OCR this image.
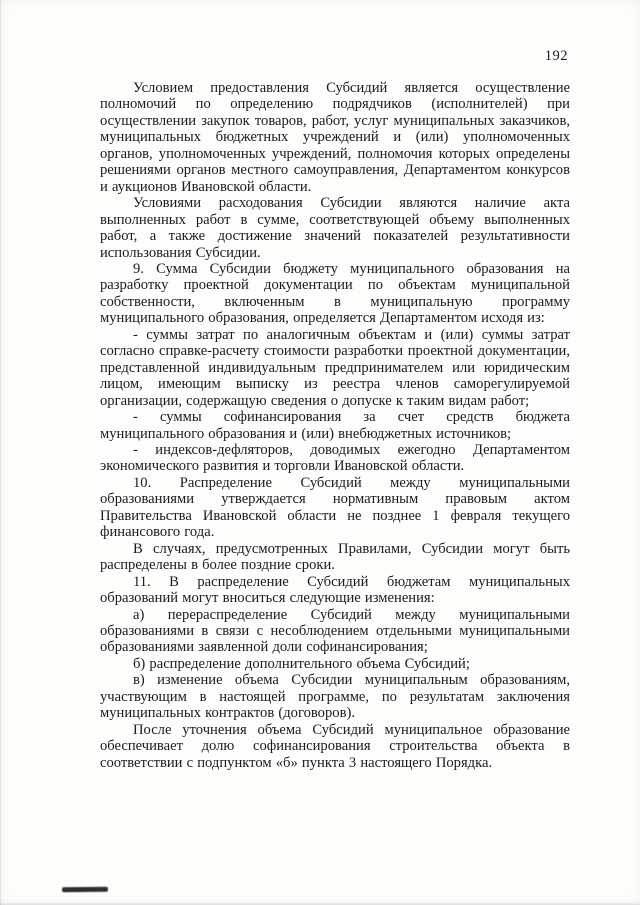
192

Условием предоставления Субсидий является осуществление полномочий по определению подрядчиков (исполнителей) при осуществлении закупок товаров, работ, услуг муниципальных заказчиков, муниципальных бюджетных учреждений и (или) уполномоченных органов, уполномоченных учреждений, полномочия которых определены решениями органов местного самоуправления, Департаментом конкурсов и аукционов Ивановской области.

Условиями расходования Субсидии являются наличие акта выполненных работ в сумме, соответствующей объему выполненных работ, а также достижение значений показателей результативности использования Субсидии.

9. Сумма Субсидии бюджету муниципального образования на разработку проектной документации по объектам муниципальной собственности, включенным в муниципальную программу муниципального образования, определяется Департаментом исходя из:

- суммы затрат по аналогичным объектам и (или) суммы затрат согласно справке-расчету стоимости разработки проектной документации, представленной индивидуальным предпринимателем или юридическим лицом, имеющим выписку из реестра членов саморегулируемой организации, содержащую сведения о допуске к таким видам работ;

- суммы софинансирования за счет средств бюджета муниципального образования и (или) внебюджетных источников;

- индексов-дефляторов, доводимых ежегодно Департаментом экономического развития и торговли Ивановской области.

10. Распределение Субсидий между муниципальными образованиями утверждается нормативным правовым актом Правительства Ивановской области не позднее 1 февраля текущего финансового года.

В случаях, предусмотренных Правилами, Субсидии могут быть распределены в более поздние сроки.

11. В распределение Субсидий бюджетам муниципальных образований могут вноситься следующие изменения:

а) перераспределение Субсидий между муниципальными образованиями в связи с несоблюдением отдельными муниципальными образованиями заявленной доли софинансирования;

б) распределение дополнительного объема Субсидий;

в) изменение объема Субсидии муниципальным образованиям, участвующим в настоящей программе, по результатам заключения муниципальных контрактов (договоров).

После уточнения объема Субсидий муниципальное образование обеспечивает долю софинансирования строительства объекта в соответствии с подпунктом «б» пункта 3 настоящего Порядка.
